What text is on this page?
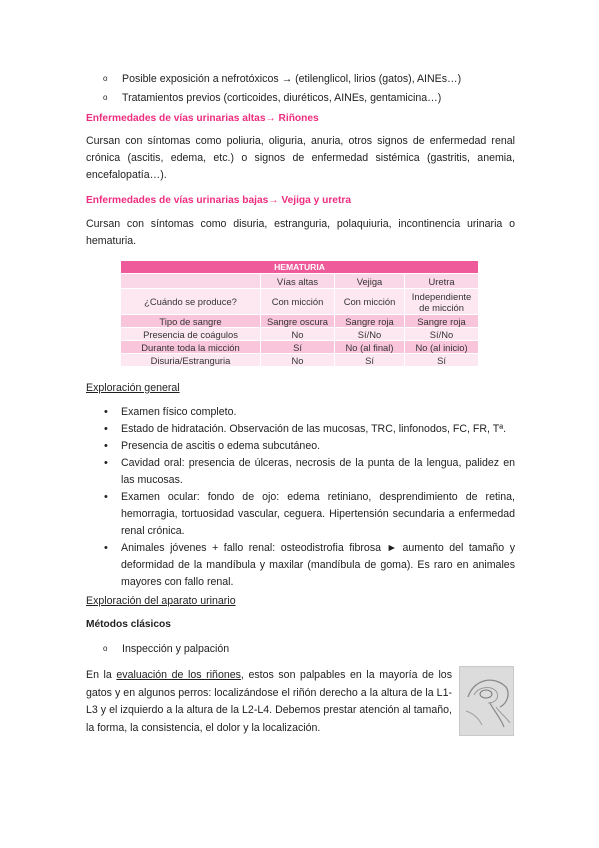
o Posible exposición a nefrotóxicos → (etilenglicol, lirios (gatos), AINEs…)
o Tratamientos previos (corticoides, diuréticos, AINEs, gentamicina…)
Enfermedades de vías urinarias altas→ Riñones
Cursan con síntomas como poliuria, oliguria, anuria, otros signos de enfermedad renal crónica (ascitis, edema, etc.) o signos de enfermedad sistémica (gastritis, anemia, encefalopatía…).
Enfermedades de vías urinarias bajas→ Vejiga y uretra
Cursan con síntomas como disuria, estranguria, polaquiuria, incontinencia urinaria o hematuria.
HEMATURIA			
	Vías altas	Vejiga	Uretra
¿Cuándo se produce?	Con micción	Con micción	Independiente de micción
Tipo de sangre	Sangre oscura	Sangre roja	Sangre roja
Presencia de coágulos	No	Sí/No	Sí/No
Durante toda la micción	Sí	No (al final)	No (al inicio)
Disuria/Estranguria	No	Sí	Sí
Exploración general
• Examen físico completo.
• Estado de hidratación. Observación de las mucosas, TRC, linfonodos, FC, FR, Tª.
• Presencia de ascitis o edema subcutáneo.
• Cavidad oral: presencia de úlceras, necrosis de la punta de la lengua, palidez en las mucosas.
• Examen ocular: fondo de ojo: edema retiniano, desprendimiento de retina, hemorragia, tortuosidad vascular, ceguera. Hipertensión secundaria a enfermedad renal crónica.
• Animales jóvenes + fallo renal: osteodistrofia fibrosa ► aumento del tamaño y deformidad de la mandíbula y maxilar (mandíbula de goma). Es raro en animales mayores con fallo renal.
Exploración del aparato urinario
Métodos clásicos
o Inspección y palpación
En la evaluación de los riñones, estos son palpables en la mayoría de los gatos y en algunos perros: localizándose el riñón derecho a la altura de la L1-L3 y el izquierdo a la altura de la L2-L4. Debemos prestar atención al tamaño, la forma, la consistencia, el dolor y la localización.
